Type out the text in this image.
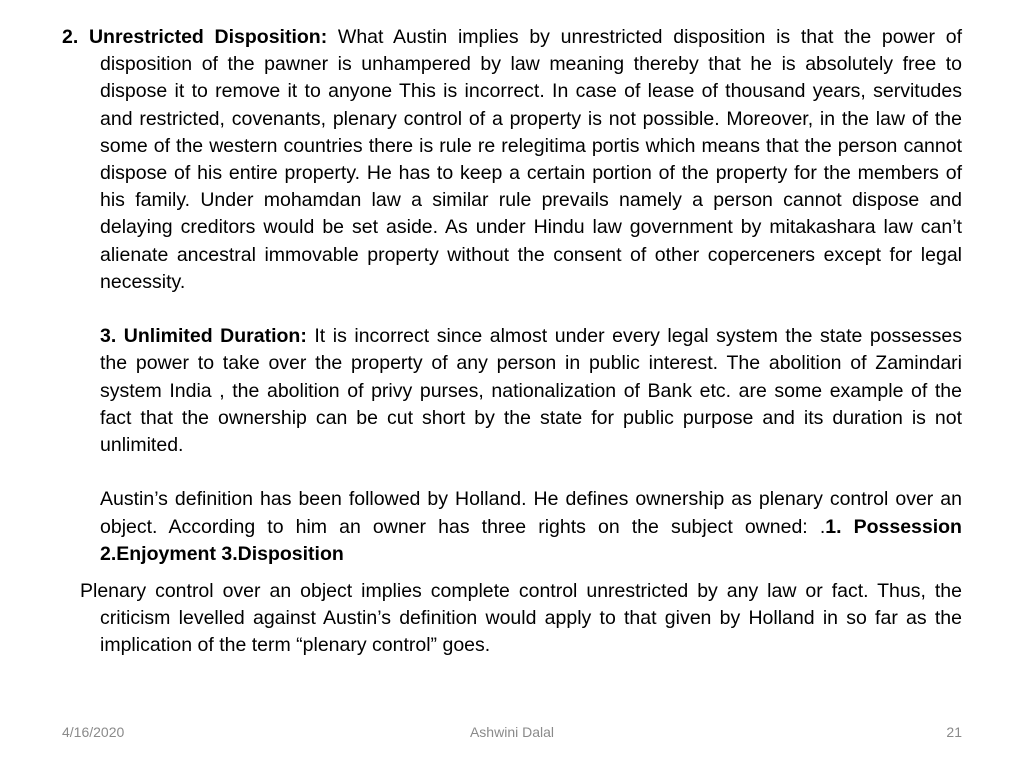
2. Unrestricted Disposition: What Austin implies by unrestricted disposition is that the power of disposition of the pawner is unhampered by law meaning thereby that he is absolutely free to dispose it to remove it to anyone This is incorrect. In case of lease of thousand years, servitudes and restricted, covenants, plenary control of a property is not possible. Moreover, in the law of the some of the western countries there is rule re relegitima portis which means that the person cannot dispose of his entire property. He has to keep a certain portion of the property for the members of his family. Under mohamdan law a similar rule prevails namely a person cannot dispose and delaying creditors would be set aside. As under Hindu law government by mitakashara law can’t alienate ancestral immovable property without the consent of other coperceners except for legal necessity.

3. Unlimited Duration: It is incorrect since almost under every legal system the state possesses the power to take over the property of any person in public interest. The abolition of Zamindari system India , the abolition of privy purses, nationalization of Bank etc. are some example of the fact that the ownership can be cut short by the state for public purpose and its duration is not unlimited.

Austin’s definition has been followed by Holland. He defines ownership as plenary control over an object. According to him an owner has three rights on the subject owned: .1. Possession 2.Enjoyment 3.Disposition

Plenary control over an object implies complete control unrestricted by any law or fact. Thus, the criticism levelled against Austin’s definition would apply to that given by Holland in so far as the implication of the term “plenary control” goes.

4/16/2020	Ashwini Dalal	21
